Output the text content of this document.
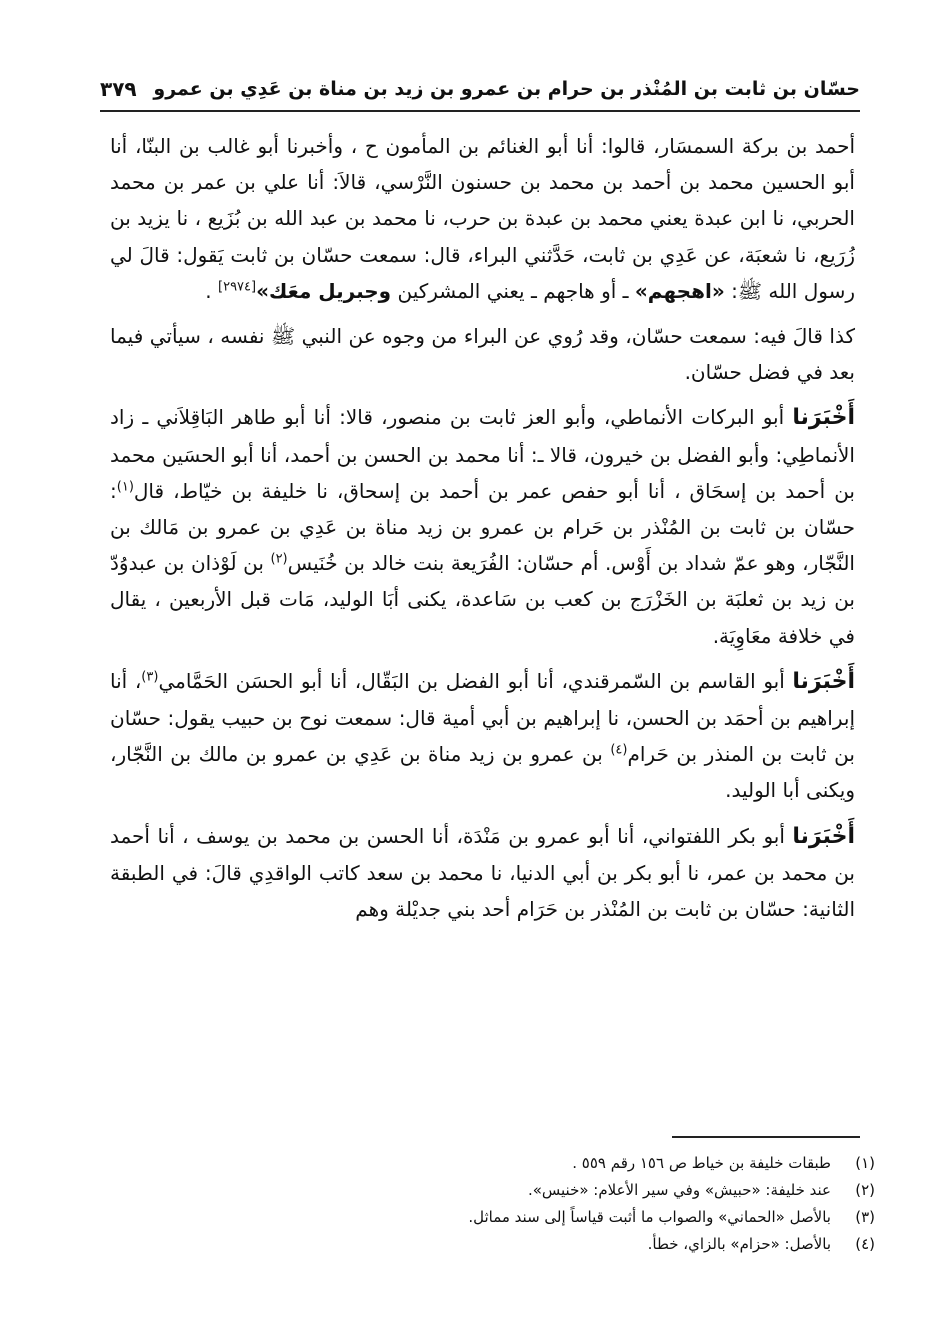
حسّان بن ثابت بن المُنْذر بن حرام بن عمرو بن زيد بن مناة بن عَدِي بن عمرو
٣٧٩

أحمد بن بركة السمسَار، قالوا: أنا أبو الغنائم بن المأمون ح ، وأخبرنا أبو غالب بن البنّا، أنا أبو الحسين محمد بن أحمد بن محمد بن حسنون النَّرْسي، قالاَ: أنا علي بن عمر بن محمد الحربي، نا ابن عبدة يعني محمد بن عبدة بن حرب، نا محمد بن عبد الله بن بُزَيع ، نا يزيد بن زُرَيع، نا شعبَة، عن عَدِي بن ثابت، حَدَّثني البراء، قال: سمعت حسّان بن ثابت يَقول: قالَ لي رسول الله ﷺ: «اهجهم» ـ أو هاجهم ـ يعني المشركين وجبريل معَك»[٢٩٧٤] .

كذا قالَ فيه: سمعت حسّان، وقد رُوي عن البراء من وجوه عن النبي ﷺ نفسه ، سيأتي فيما بعد في فضل حسّان.

أَخْبَرَنا أبو البركات الأنماطي، وأبو العز ثابت بن منصور، قالا: أنا أبو طاهر البَاقِلاَني ـ زاد الأنماطِي: وأبو الفضل بن خيرون، قالا ـ: أنا محمد بن الحسن بن أحمد، أنا أبو الحسَين محمد بن أحمد بن إسحَاق ، أنا أبو حفص عمر بن أحمد بن إسحاق، نا خليفة بن خيّاط، قال$^{(١)}$: حسّان بن ثابت بن المُنْذر بن حَرام بن عمرو بن زيد مناة بن عَدِي بن عمرو بن مَالك بن النَّجّار، وهو عمّ شداد بن أَوْس. أم حسّان: الفُرَيعة بنت خالد بن خُنَيس$^{(٢)}$ بن لَوْذان بن عبدوُدّ بن زيد بن ثعلبَة بن الخَزْرَج بن كعب بن سَاعدة، يكنى أبَا الوليد، مَات قبل الأربعين ، يقال في خلافة معَاوِيَة.

أَخْبَرَنا أبو القاسم بن السّمرقندي، أنا أبو الفضل بن البَقّال، أنا أبو الحسَن الحَمَّامي$^{(٣)}$، أنا إبراهيم بن أحمَد بن الحسن، نا إبراهيم بن أبي أمية قال: سمعت نوح بن حبيب يقول: حسّان بن ثابت بن المنذر بن حَرام$^{(٤)}$ بن عمرو بن زيد مناة بن عَدِي بن عمرو بن مالك بن النَّجّار، ويكنى أبا الوليد.

أَخْبَرَنا أبو بكر اللفتواني، أنا أبو عمرو بن مَنْدَة، أنا الحسن بن محمد بن يوسف ، أنا أحمد بن محمد بن عمر، نا أبو بكر بن أبي الدنيا، نا محمد بن سعد كاتب الواقدِي قالَ: في الطبقة الثانية: حسّان بن ثابت بن المُنْذر بن حَرَام أحد بني جديْلة وهم

(١)
طبقات خليفة بن خياط ص ١٥٦ رقم ٥٥٩ .
(٢)
عند خليفة: «حبيش» وفي سير الأعلام: «خنيس».
(٣)
بالأصل «الحماني» والصواب ما أثبت قياساً إلى سند مماثل.
(٤)
بالأصل: «حزام» بالزاي، خطأ.
